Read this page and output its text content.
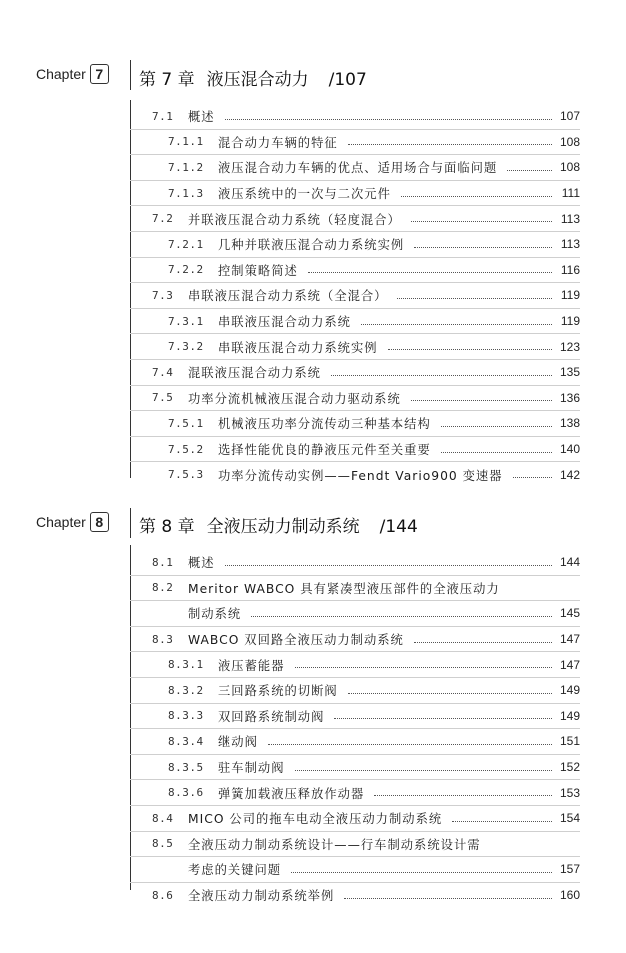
Chapter 7	第 7 章 液压混合动力 /107
7.1	概述	107
7.1.1	混合动力车辆的特征	108
7.1.2	液压混合动力车辆的优点、适用场合与面临问题	108
7.1.3	液压系统中的一次与二次元件	111
7.2	并联液压混合动力系统（轻度混合）	113
7.2.1	几种并联液压混合动力系统实例	113
7.2.2	控制策略简述	116
7.3	串联液压混合动力系统（全混合）	119
7.3.1	串联液压混合动力系统	119
7.3.2	串联液压混合动力系统实例	123
7.4	混联液压混合动力系统	135
7.5	功率分流机械液压混合动力驱动系统	136
7.5.1	机械液压功率分流传动三种基本结构	138
7.5.2	选择性能优良的静液压元件至关重要	140
7.5.3	功率分流传动实例——Fendt Vario900 变速器	142
Chapter 8	第 8 章 全液压动力制动系统 /144
8.1	概述	144
8.2	Meritor WABCO 具有紧凑型液压部件的全液压动力
制动系统	145
8.3	WABCO 双回路全液压动力制动系统	147
8.3.1	液压蓄能器	147
8.3.2	三回路系统的切断阀	149
8.3.3	双回路系统制动阀	149
8.3.4	继动阀	151
8.3.5	驻车制动阀	152
8.3.6	弹簧加载液压释放作动器	153
8.4	MICO 公司的拖车电动全液压动力制动系统	154
8.5	全液压动力制动系统设计——行车制动系统设计需
考虑的关键问题	157
8.6	全液压动力制动系统举例	160
